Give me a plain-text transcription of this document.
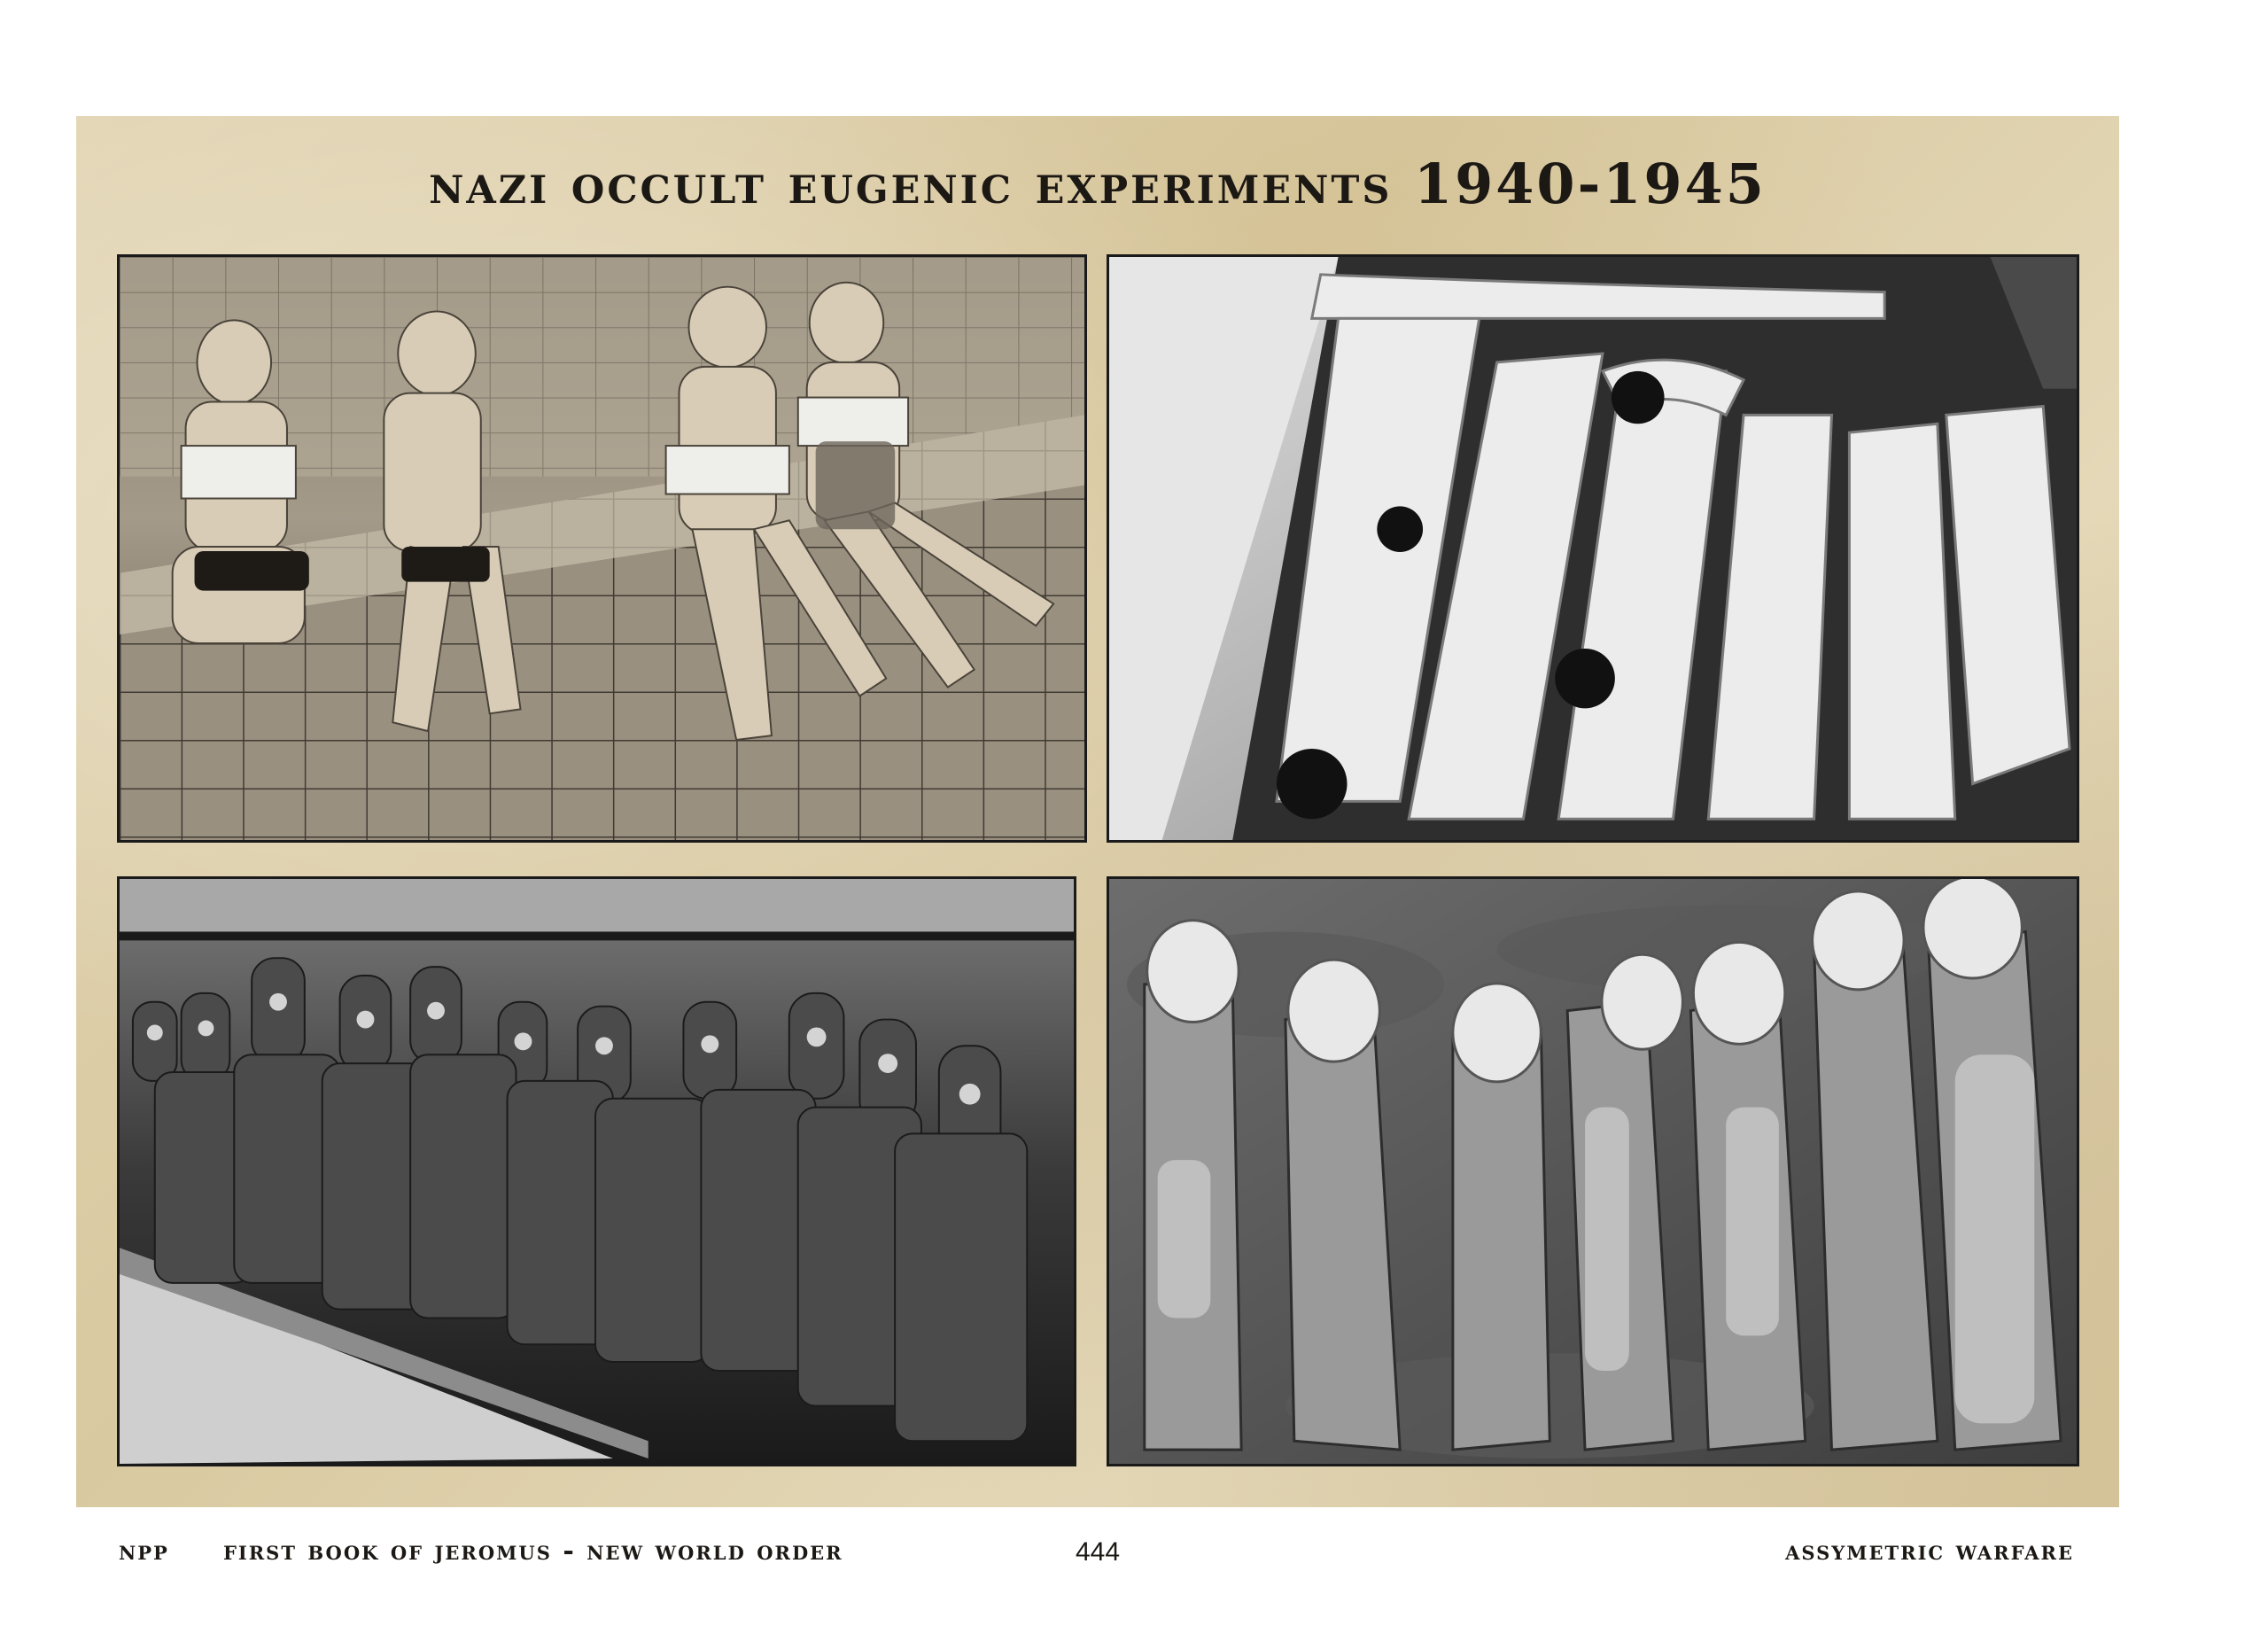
nazi occult eugenic experiments 1940-1945
npp first book of jeromus - new world order	444	assymetric warfare
